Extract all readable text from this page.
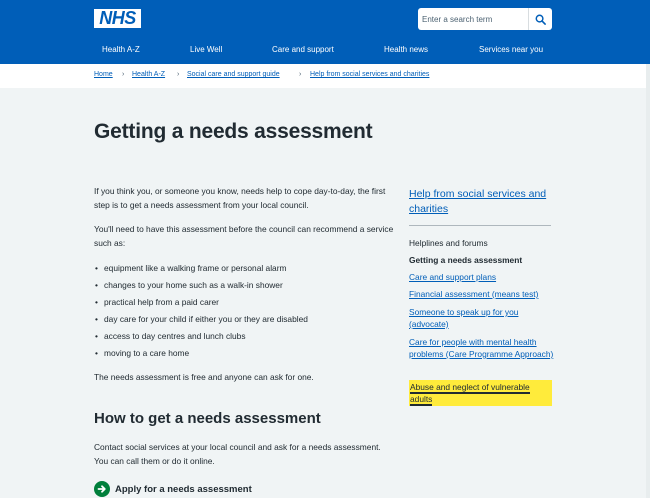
NHS
Enter a search term
Health A-Z	Live Well	Care and support	Health news	Services near you
Home › Health A-Z › Social care and support guide	› Help from social services and charities
Getting a needs assessment

If you think you, or someone you know, needs help to cope day-to-day, the first step is to get a needs assessment from your local council.

You'll need to have this assessment before the council can recommend a service such as:

• equipment like a walking frame or personal alarm
• changes to your home such as a walk-in shower
• practical help from a paid carer
• day care for your child if either you or they are disabled
• access to day centres and lunch clubs
• moving to a care home

The needs assessment is free and anyone can ask for one.

How to get a needs assessment

Contact social services at your local council and ask for a needs assessment. You can call them or do it online.

Apply for a needs assessment
Help from social services and charities
Helplines and forums
Getting a needs assessment
Care and support plans
Financial assessment (means test)
Someone to speak up for you (advocate)
Care for people with mental health problems (Care Programme Approach)
Abuse and neglect of vulnerable adults
